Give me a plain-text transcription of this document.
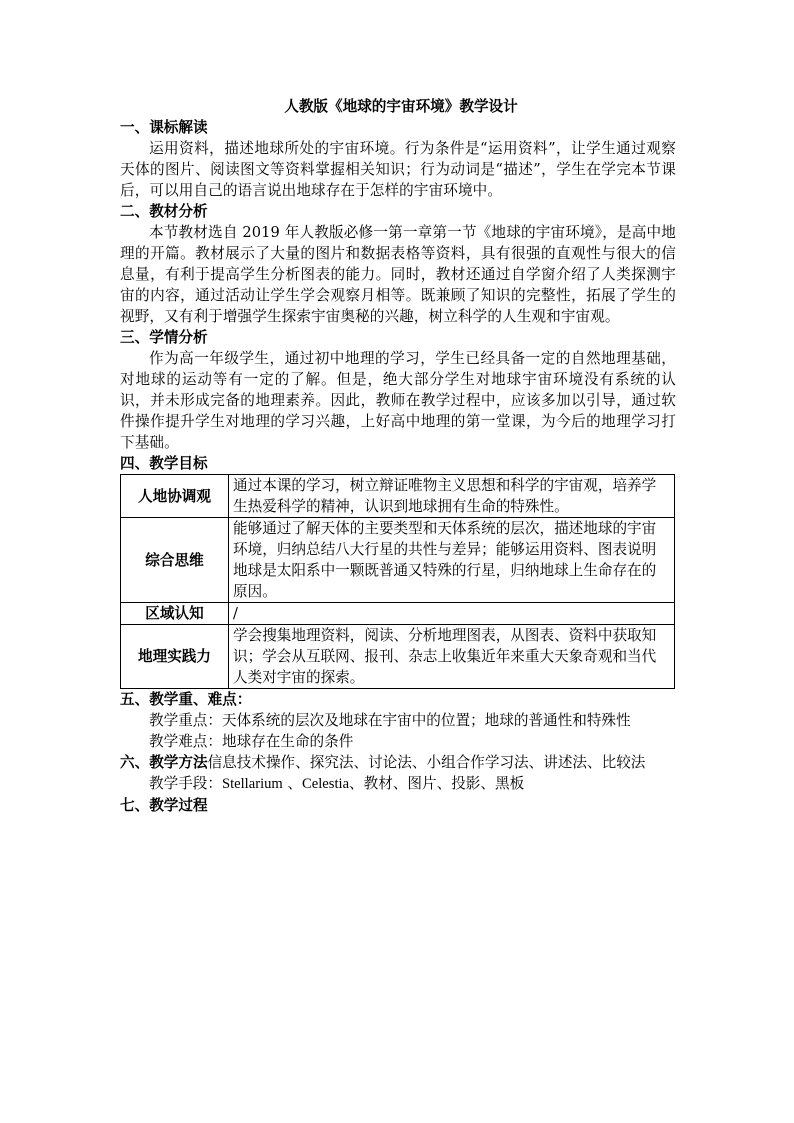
人教版《地球的宇宙环境》教学设计
一、课标解读
运用资料，描述地球所处的宇宙环境。行为条件是“运用资料”，让学生通过观察天体的图片、阅读图文等资料掌握相关知识；行为动词是“描述”，学生在学完本节课后，可以用自己的语言说出地球存在于怎样的宇宙环境中。
二、教材分析
本节教材选自 2019 年人教版必修一第一章第一节《地球的宇宙环境》，是高中地理的开篇。教材展示了大量的图片和数据表格等资料，具有很强的直观性与很大的信息量，有利于提高学生分析图表的能力。同时，教材还通过自学窗介绍了人类探测宇宙的内容，通过活动让学生学会观察月相等。既兼顾了知识的完整性，拓展了学生的视野，又有利于增强学生探索宇宙奥秘的兴趣，树立科学的人生观和宇宙观。
三、学情分析
作为高一年级学生，通过初中地理的学习，学生已经具备一定的自然地理基础，对地球的运动等有一定的了解。但是，绝大部分学生对地球宇宙环境没有系统的认识，并未形成完备的地理素养。因此，教师在教学过程中，应该多加以引导，通过软件操作提升学生对地理的学习兴趣，上好高中地理的第一堂课，为今后的地理学习打下基础。
四、教学目标
人地协调观	通过本课的学习，树立辩证唯物主义思想和科学的宇宙观，培养学生热爱科学的精神，认识到地球拥有生命的特殊性。
综合思维	能够通过了解天体的主要类型和天体系统的层次，描述地球的宇宙环境，归纳总结八大行星的共性与差异；能够运用资料、图表说明地球是太阳系中一颗既普通又特殊的行星，归纳地球上生命存在的原因。
区域认知	/
地理实践力	学会搜集地理资料，阅读、分析地理图表，从图表、资料中获取知识；学会从互联网、报刊、杂志上收集近年来重大天象奇观和当代人类对宇宙的探索。
五、教学重、难点：
教学重点：天体系统的层次及地球在宇宙中的位置；地球的普通性和特殊性
教学难点：地球存在生命的条件
六、教学方法 信息技术操作、探究法、讨论法、小组合作学习法、讲述法、比较法
教学手段：Stellarium 、Celestia、教材、图片、投影、黑板
七、教学过程
